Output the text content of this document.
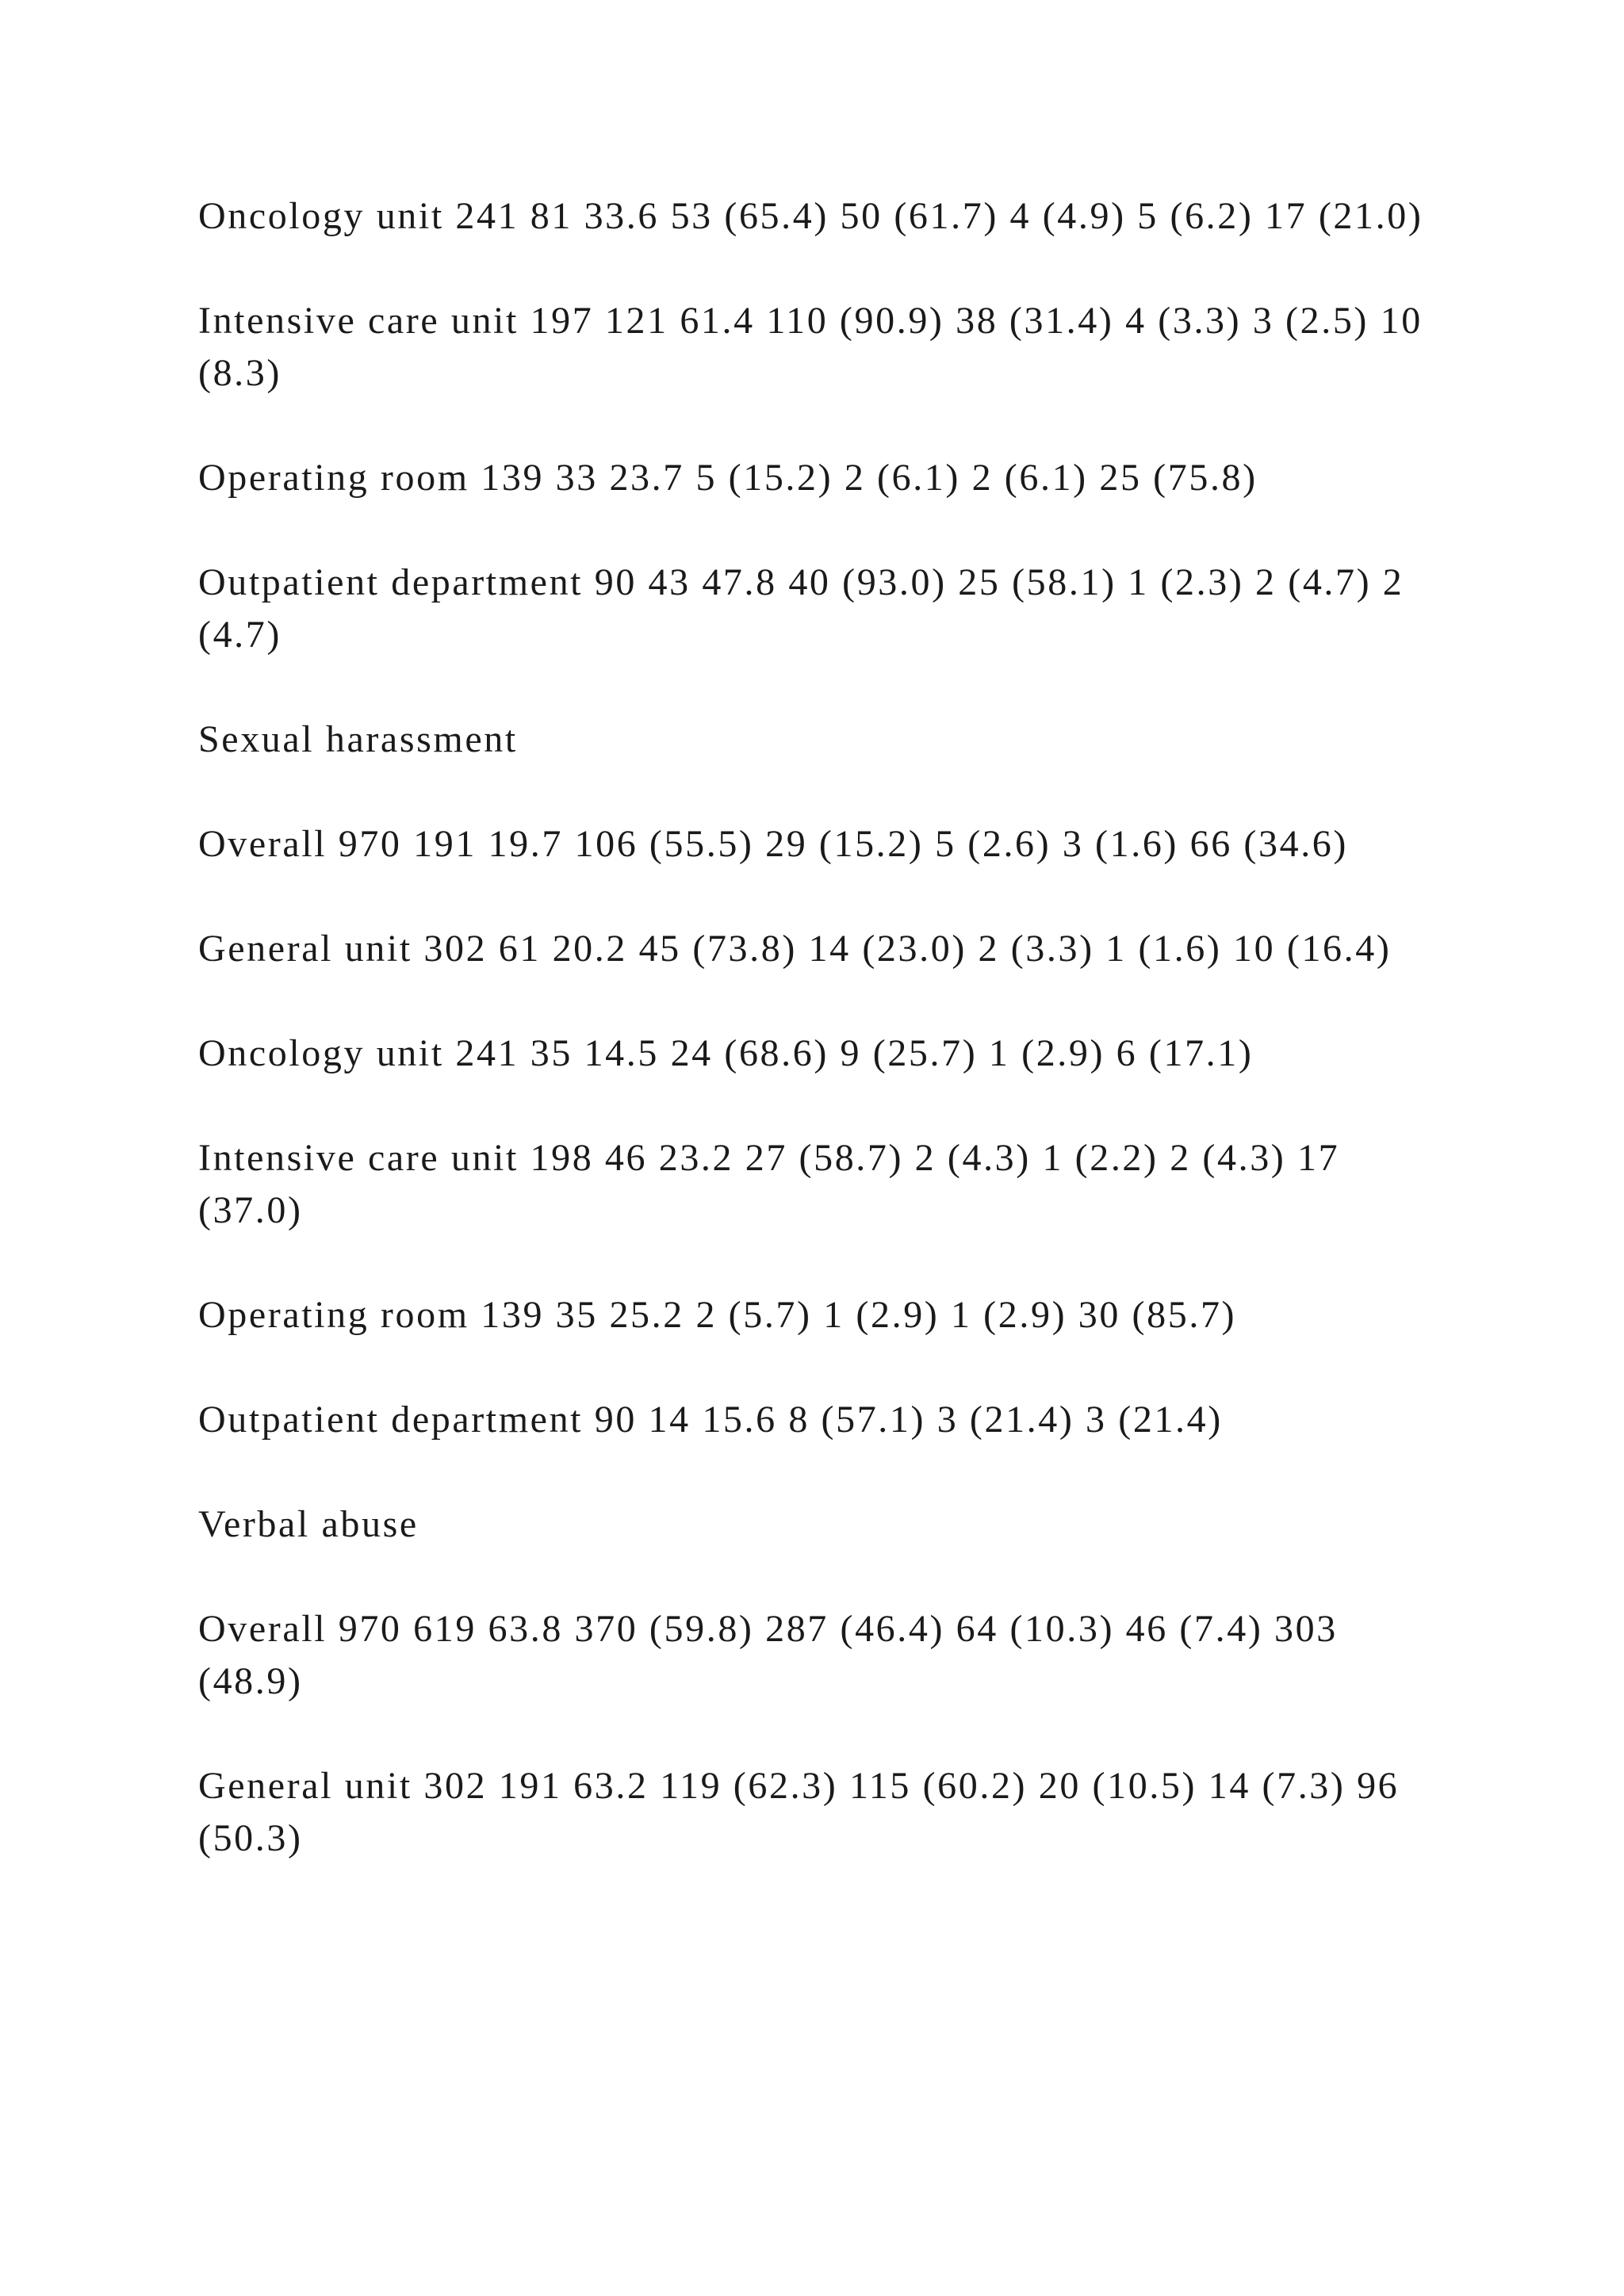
Oncology unit 241 81 33.6 53 (65.4) 50 (61.7) 4 (4.9) 5 (6.2) 17 (21.0)

Intensive care unit 197 121 61.4 110 (90.9) 38 (31.4) 4 (3.3) 3 (2.5) 10 (8.3)

Operating room 139 33 23.7 5 (15.2) 2 (6.1) 2 (6.1) 25 (75.8)

Outpatient department 90 43 47.8 40 (93.0) 25 (58.1) 1 (2.3) 2 (4.7) 2 (4.7)

Sexual harassment

Overall 970 191 19.7 106 (55.5) 29 (15.2) 5 (2.6) 3 (1.6) 66 (34.6)

General unit 302 61 20.2 45 (73.8) 14 (23.0) 2 (3.3) 1 (1.6) 10 (16.4)

Oncology unit 241 35 14.5 24 (68.6) 9 (25.7) 1 (2.9) 6 (17.1)

Intensive care unit 198 46 23.2 27 (58.7) 2 (4.3) 1 (2.2) 2 (4.3) 17 (37.0)

Operating room 139 35 25.2 2 (5.7) 1 (2.9) 1 (2.9) 30 (85.7)

Outpatient department 90 14 15.6 8 (57.1) 3 (21.4) 3 (21.4)

Verbal abuse

Overall 970 619 63.8 370 (59.8) 287 (46.4) 64 (10.3) 46 (7.4) 303 (48.9)

General unit 302 191 63.2 119 (62.3) 115 (60.2) 20 (10.5) 14 (7.3) 96 (50.3)
